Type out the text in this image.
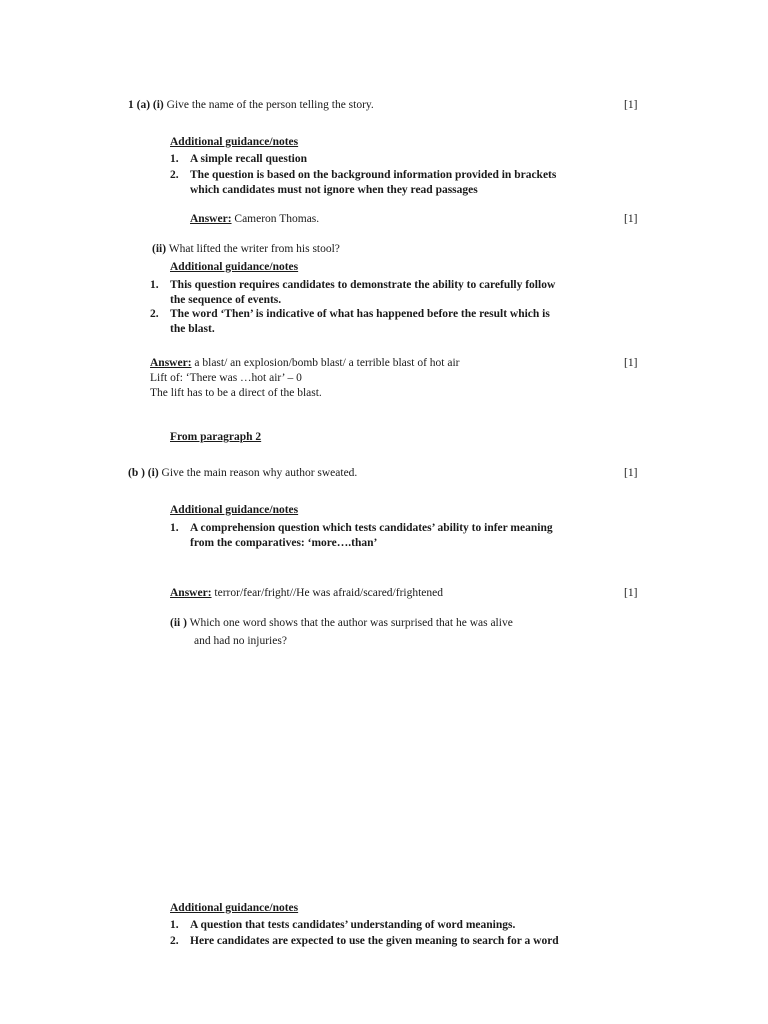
1 (a) (i) Give the name of the person telling the story.	[1]
Additional guidance/notes
1. A simple recall question
2. The question is based on the background information provided in brackets
which candidates must not ignore when they read passages
Answer: Cameron Thomas.	[1]
(ii) What lifted the writer from his stool?
Additional guidance/notes
1. This question requires candidates to demonstrate the ability to carefully follow
the sequence of events.
2. The word ‘Then’ is indicative of what has happened before the result which is
the blast.
Answer: a blast/ an explosion/bomb blast/ a terrible blast of hot air	[1]
Lift of: ‘There was …hot air’ – 0
The lift has to be a direct of the blast.
From paragraph 2
(b ) (i) Give the main reason why author sweated.	[1]
Additional guidance/notes
1. A comprehension question which tests candidates’ ability to infer meaning
from the comparatives: ‘more….than’
Answer: terror/fear/fright//He was afraid/scared/frightened	[1]
(ii ) Which one word shows that the author was surprised that he was alive
and had no injuries?
Additional guidance/notes
1. A question that tests candidates’ understanding of word meanings.
2. Here candidates are expected to use the given meaning to search for a word
